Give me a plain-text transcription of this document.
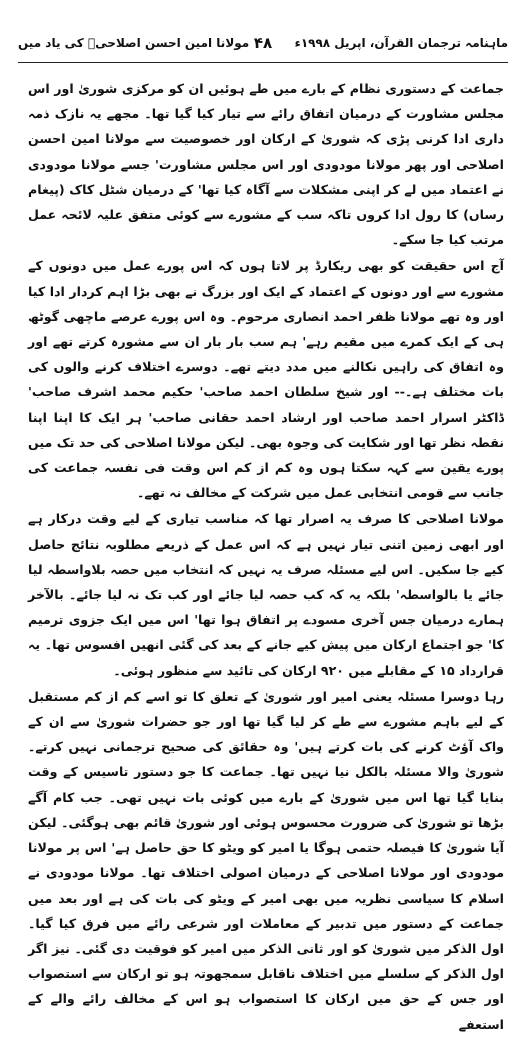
ماہنامہ ترجمان القرآن، اپریل ۱۹۹۸ء
۴۸
مولانا امین احسن اصلاحیؒ کی یاد میں

جماعت کے دستوری نظام کے بارے میں طے ہوئیں ان کو مرکزی شوریٰ اور اس مجلس مشاورت کے درمیان اتفاق رائے سے تیار کیا گیا تھا۔ مجھے یہ نازک ذمہ داری ادا کرنی پڑی کہ شوریٰ کے ارکان اور خصوصیت سے مولانا امین احسن اصلاحی اور پھر مولانا مودودی اور اس مجلس مشاورت' جسے مولانا مودودی نے اعتماد میں لے کر اپنی مشکلات سے آگاہ کیا تھا' کے درمیان شٹل کاک (پیغام رساں) کا رول ادا کروں تاکہ سب کے مشورے سے کوئی متفق علیہ لائحہ عمل مرتب کیا جا سکے۔

آج اس حقیقت کو بھی ریکارڈ پر لاتا ہوں کہ اس پورے عمل میں دونوں کے مشورے سے اور دونوں کے اعتماد کے ایک اور بزرگ نے بھی بڑا اہم کردار ادا کیا اور وہ تھے مولانا ظفر احمد انصاری مرحوم۔ وہ اس پورے عرصے ماچھی گوٹھ ہی کے ایک کمرے میں مقیم رہے' ہم سب بار بار ان سے مشورہ کرتے تھے اور وہ اتفاق کی راہیں نکالنے میں مدد دیتے تھے۔ دوسرے اختلاف کرنے والوں کی بات مختلف ہے۔-- اور شیخ سلطان احمد صاحب' حکیم محمد اشرف صاحب' ڈاکٹر اسرار احمد صاحب اور ارشاد احمد حقانی صاحب' ہر ایک کا اپنا اپنا نقطہ نظر تھا اور شکایت کی وجوہ بھی۔ لیکن مولانا اصلاحی کی حد تک میں پورے یقین سے کہہ سکتا ہوں وہ کم از کم اس وقت فی نفسہ جماعت کی جانب سے قومی انتخابی عمل میں شرکت کے مخالف نہ تھے۔

مولانا اصلاحی کا صرف یہ اصرار تھا کہ مناسب تیاری کے لیے وقت درکار ہے اور ابھی زمین اتنی تیار نہیں ہے کہ اس عمل کے ذریعے مطلوبہ نتائج حاصل کیے جا سکیں۔ اس لیے مسئلہ صرف یہ نہیں کہ انتخاب میں حصہ بلاواسطہ لیا جائے یا بالواسطہ' بلکہ یہ کہ کب حصہ لیا جائے اور کب تک نہ لیا جائے۔ بالآخر ہمارے درمیان جس آخری مسودے پر اتفاق ہوا تھا' اس میں ایک جزوی ترمیم کا' جو اجتماع ارکان میں پیش کیے جانے کے بعد کی گئی انھیں افسوس تھا۔ یہ قرارداد ۱۵ کے مقابلے میں ۹۲۰ ارکان کی تائید سے منظور ہوئی۔

رہا دوسرا مسئلہ یعنی امیر اور شوریٰ کے تعلق کا تو اسے کم از کم مستقبل کے لیے باہم مشورے سے طے کر لیا گیا تھا اور جو حضرات شوریٰ سے ان کے واک آؤٹ کرنے کی بات کرتے ہیں' وہ حقائق کی صحیح ترجمانی نہیں کرتے۔ شوریٰ والا مسئلہ بالکل نیا نہیں تھا۔ جماعت کا جو دستور تاسیس کے وقت بنایا گیا تھا اس میں شوریٰ کے بارے میں کوئی بات نہیں تھی۔ جب کام آگے بڑھا تو شوریٰ کی ضرورت محسوس ہوئی اور شوریٰ قائم بھی ہوگئی۔ لیکن آیا شوریٰ کا فیصلہ حتمی ہوگا یا امیر کو ویٹو کا حق حاصل ہے' اس پر مولانا مودودی اور مولانا اصلاحی کے درمیان اصولی اختلاف تھا۔ مولانا مودودی نے اسلام کا سیاسی نظریہ میں بھی امیر کے ویٹو کی بات کی ہے اور بعد میں جماعت کے دستور میں تدبیر کے معاملات اور شرعی رائے میں فرق کیا گیا۔ اول الذکر میں شوریٰ کو اور ثانی الذکر میں امیر کو فوقیت دی گئی۔ نیز اگر اول الذکر کے سلسلے میں اختلاف ناقابل سمجھوتہ ہو تو ارکان سے استصواب اور جس کے حق میں ارکان کا استصواب ہو اس کے مخالف رائے والے کے استعفے
